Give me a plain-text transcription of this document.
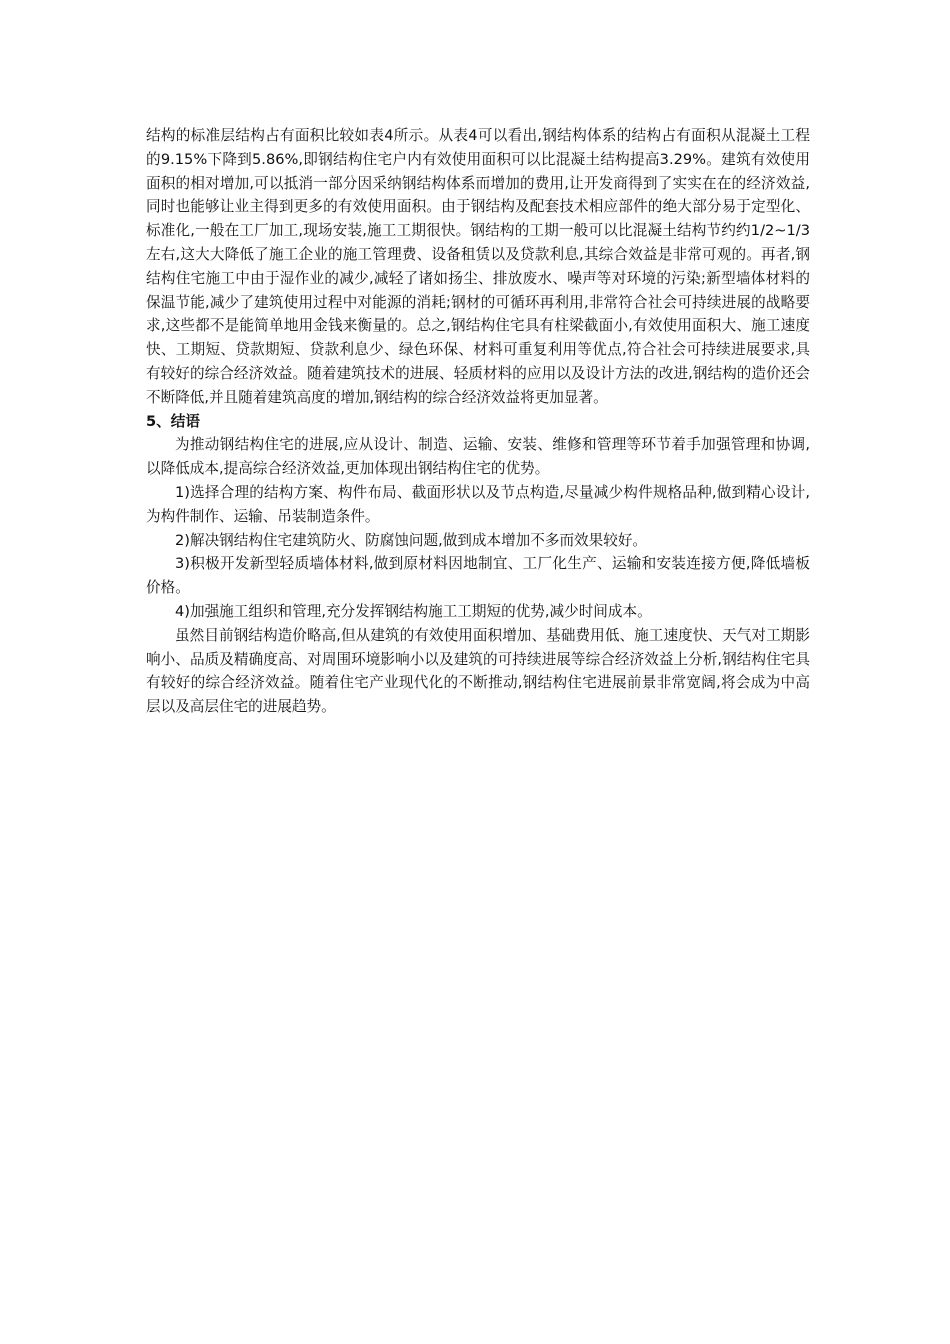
结构的标准层结构占有面积比较如表4所示。从表4可以看出,钢结构体系的结构占有面积从混凝土工程的9.15%下降到5.86%,即钢结构住宅户内有效使用面积可以比混凝土结构提高3.29%。建筑有效使用面积的相对增加,可以抵消一部分因采纳钢结构体系而增加的费用,让开发商得到了实实在在的经济效益,同时也能够让业主得到更多的有效使用面积。由于钢结构及配套技术相应部件的绝大部分易于定型化、标准化,一般在工厂加工,现场安装,施工工期很快。钢结构的工期一般可以比混凝土结构节约约1/2~1/3左右,这大大降低了施工企业的施工管理费、设备租赁以及贷款利息,其综合效益是非常可观的。再者,钢结构住宅施工中由于湿作业的减少,减轻了诸如扬尘、排放废水、噪声等对环境的污染;新型墙体材料的保温节能,减少了建筑使用过程中对能源的消耗;钢材的可循环再利用,非常符合社会可持续进展的战略要求,这些都不是能简单地用金钱来衡量的。总之,钢结构住宅具有柱梁截面小,有效使用面积大、施工速度快、工期短、贷款期短、贷款利息少、绿色环保、材料可重复利用等优点,符合社会可持续进展要求,具有较好的综合经济效益。随着建筑技术的进展、轻质材料的应用以及设计方法的改进,钢结构的造价还会不断降低,并且随着建筑高度的增加,钢结构的综合经济效益将更加显著。

5、结语

为推动钢结构住宅的进展,应从设计、制造、运输、安装、维修和管理等环节着手加强管理和协调,以降低成本,提高综合经济效益,更加体现出钢结构住宅的优势。

1)选择合理的结构方案、构件布局、截面形状以及节点构造,尽量减少构件规格品种,做到精心设计,为构件制作、运输、吊装制造条件。

2)解决钢结构住宅建筑防火、防腐蚀问题,做到成本增加不多而效果较好。

3)积极开发新型轻质墙体材料,做到原材料因地制宜、工厂化生产、运输和安装连接方便,降低墙板价格。

4)加强施工组织和管理,充分发挥钢结构施工工期短的优势,减少时间成本。

虽然目前钢结构造价略高,但从建筑的有效使用面积增加、基础费用低、施工速度快、天气对工期影响小、品质及精确度高、对周围环境影响小以及建筑的可持续进展等综合经济效益上分析,钢结构住宅具有较好的综合经济效益。随着住宅产业现代化的不断推动,钢结构住宅进展前景非常宽阔,将会成为中高层以及高层住宅的进展趋势。
